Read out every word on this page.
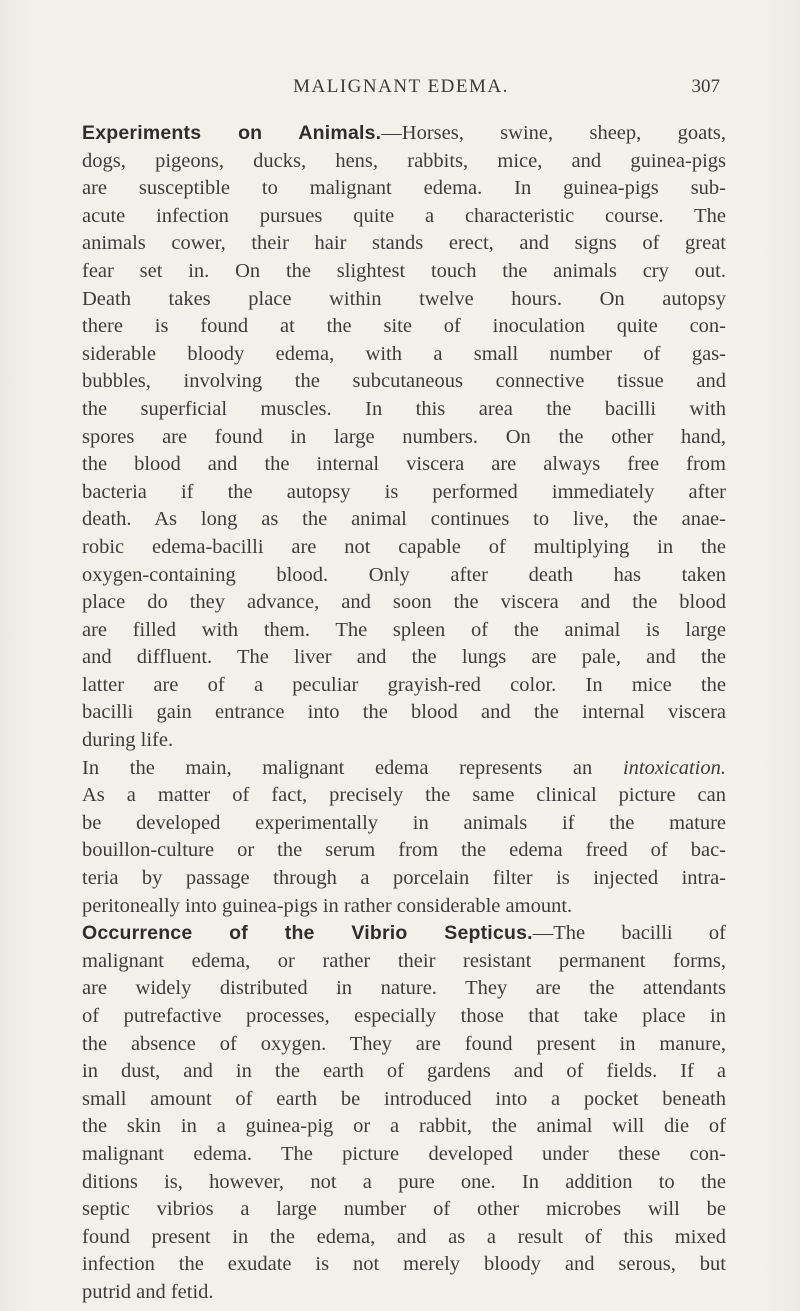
MALIGNANT EDEMA.	307
Experiments on Animals.—Horses, swine, sheep, goats,
dogs, pigeons, ducks, hens, rabbits, mice, and guinea-pigs
are susceptible to malignant edema. In guinea-pigs sub-
acute infection pursues quite a characteristic course. The
animals cower, their hair stands erect, and signs of great
fear set in. On the slightest touch the animals cry out.
Death takes place within twelve hours. On autopsy
there is found at the site of inoculation quite con-
siderable bloody edema, with a small number of gas-
bubbles, involving the subcutaneous connective tissue and
the superficial muscles. In this area the bacilli with
spores are found in large numbers. On the other hand,
the blood and the internal viscera are always free from
bacteria if the autopsy is performed immediately after
death. As long as the animal continues to live, the anae-
robic edema-bacilli are not capable of multiplying in the
oxygen-containing blood. Only after death has taken
place do they advance, and soon the viscera and the blood
are filled with them. The spleen of the animal is large
and diffluent. The liver and the lungs are pale, and the
latter are of a peculiar grayish-red color. In mice the
bacilli gain entrance into the blood and the internal viscera
during life.
In the main, malignant edema represents an intoxication.
As a matter of fact, precisely the same clinical picture can
be developed experimentally in animals if the mature
bouillon-culture or the serum from the edema freed of bac-
teria by passage through a porcelain filter is injected intra-
peritoneally into guinea-pigs in rather considerable amount.
Occurrence of the Vibrio Septicus.—The bacilli of
malignant edema, or rather their resistant permanent forms,
are widely distributed in nature. They are the attendants
of putrefactive processes, especially those that take place in
the absence of oxygen. They are found present in manure,
in dust, and in the earth of gardens and of fields. If a
small amount of earth be introduced into a pocket beneath
the skin in a guinea-pig or a rabbit, the animal will die of
malignant edema. The picture developed under these con-
ditions is, however, not a pure one. In addition to the
septic vibrios a large number of other microbes will be
found present in the edema, and as a result of this mixed
infection the exudate is not merely bloody and serous, but
putrid and fetid.
